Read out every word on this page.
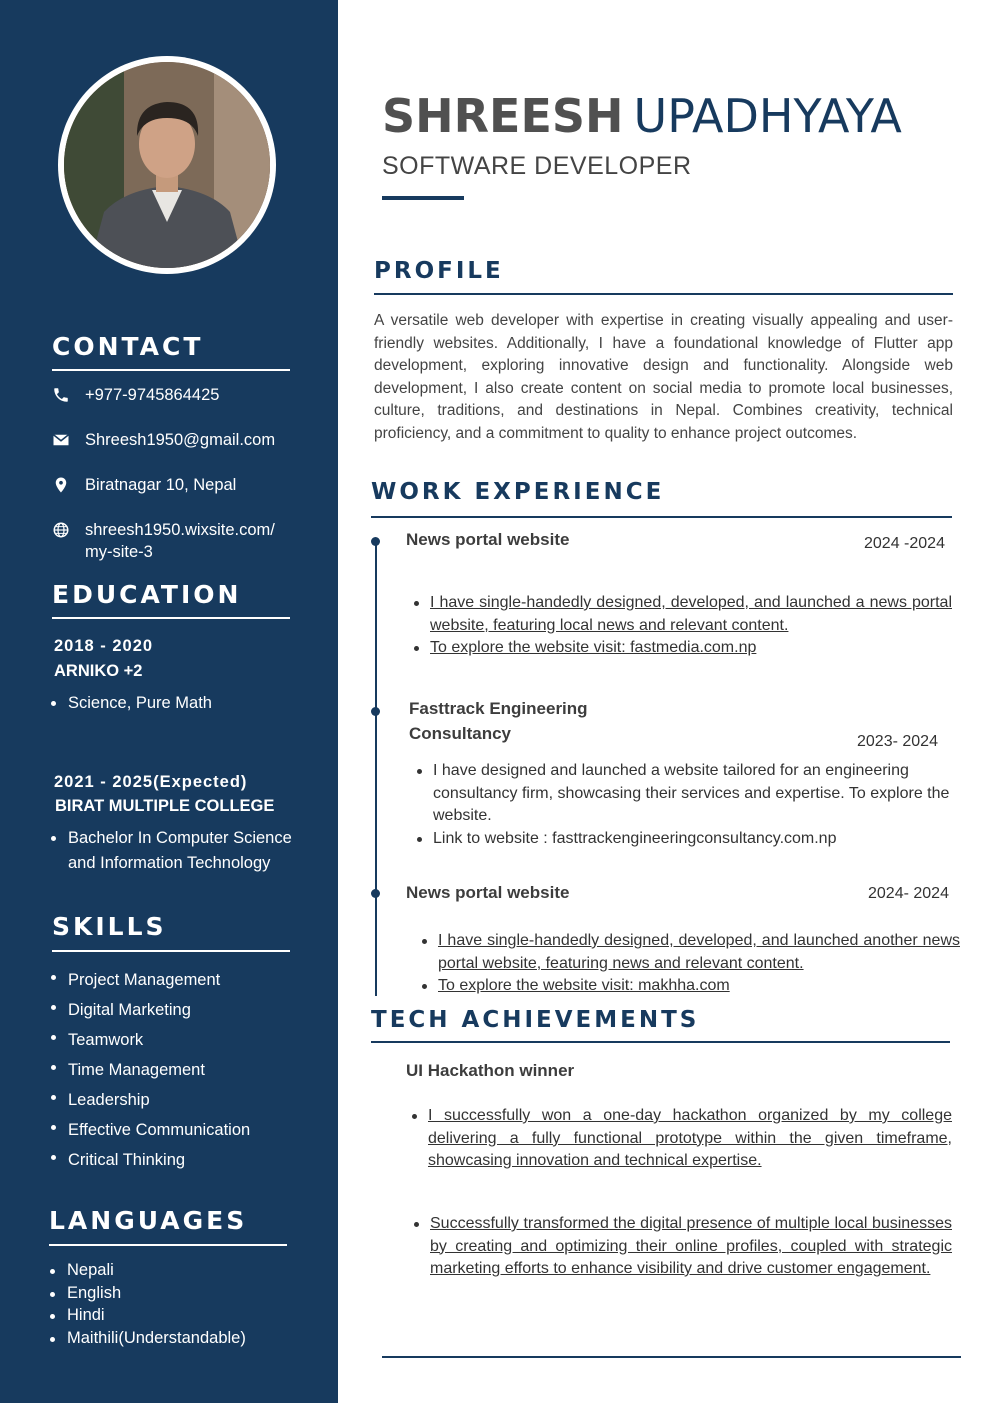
CONTACT
+977-9745864425
Shreesh1950@gmail.com
Biratnagar 10, Nepal
shreesh1950.wixsite.com/
my-site-3
EDUCATION
2018 - 2020
ARNIKO +2
Science, Pure Math
2021 - 2025(Expected)
BIRAT MULTIPLE COLLEGE
Bachelor In Computer Science
and Information Technology
SKILLS
Project Management
Digital Marketing
Teamwork
Time Management
Leadership
Effective Communication
Critical Thinking
LANGUAGES
Nepali
English
Hindi
Maithili(Understandable)
SHREESH UPADHYAYA
SOFTWARE DEVELOPER
PROFILE

A versatile web developer with expertise in creating visually appealing and user-friendly websites. Additionally, I have a foundational knowledge of Flutter app development, exploring innovative design and functionality. Alongside web development, I also create content on social media to promote local businesses, culture, traditions, and destinations in Nepal. Combines creativity, technical proficiency, and a commitment to quality to enhance project outcomes.

WORK EXPERIENCE
News portal website	2024 -2024
I have single-handedly designed, developed, and launched a news portal website, featuring local news and relevant content.
To explore the website visit: fastmedia.com.np
Fasttrack Engineering
Consultancy	2023- 2024
I have designed and launched a website tailored for an engineering consultancy firm, showcasing their services and expertise. To explore the website.
Link to website : fasttrackengineeringconsultancy.com.np
News portal website	2024- 2024
I have single-handedly designed, developed, and launched another news portal website, featuring news and relevant content.
To explore the website visit: makhha.com
TECH ACHIEVEMENTS
UI Hackathon winner
I successfully won a one-day hackathon organized by my college delivering a fully functional prototype within the given timeframe, showcasing innovation and technical expertise.
Successfully transformed the digital presence of multiple local businesses by creating and optimizing their online profiles, coupled with strategic marketing efforts to enhance visibility and drive customer engagement.
